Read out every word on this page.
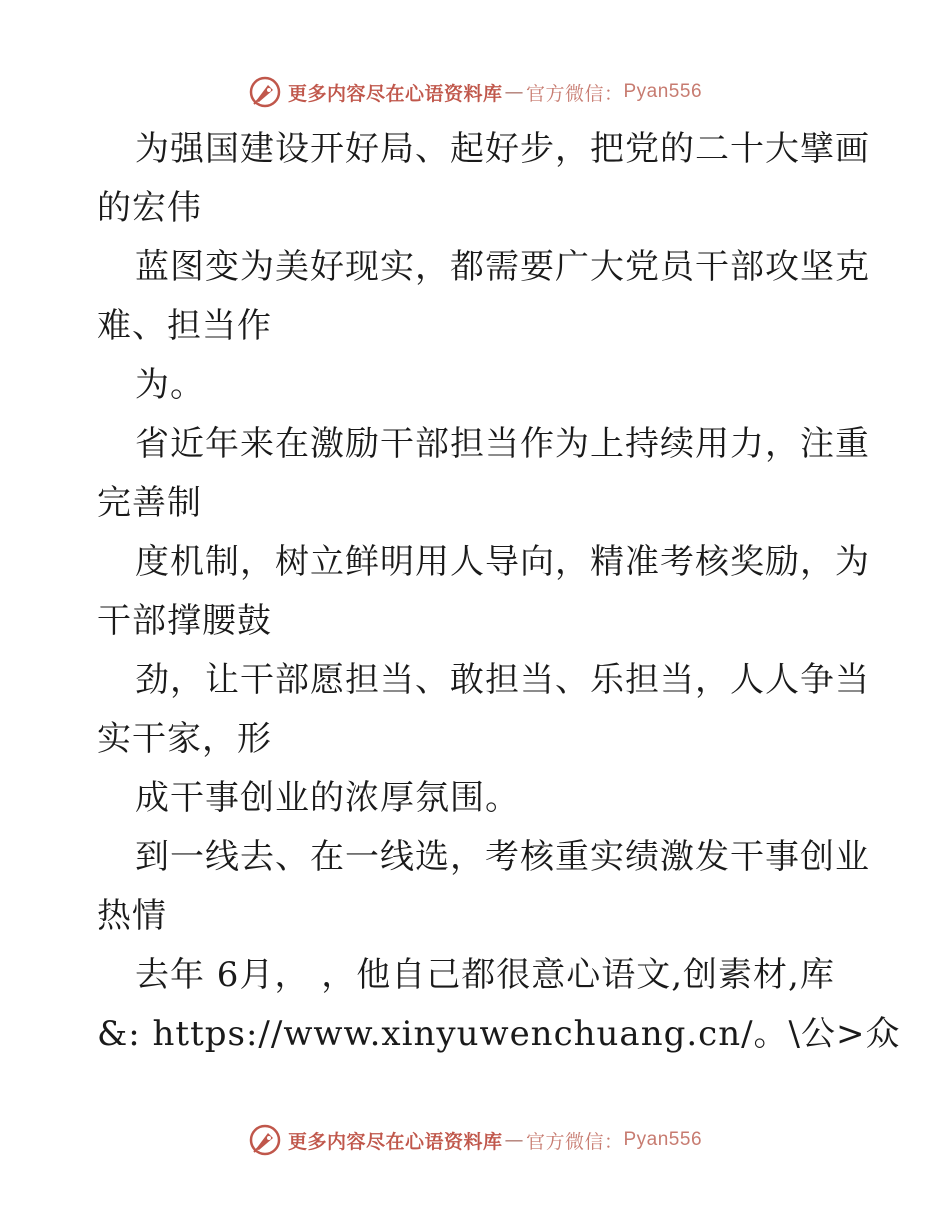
更多内容尽在心语资料库 — 官方微信： Pyan556
为强国建设开好局、起好步，把党的二十大擘画
的宏伟
蓝图变为美好现实，都需要广大党员干部攻坚克
难、担当作
为。
省近年来在激励干部担当作为上持续用力，注重
完善制
度机制，树立鲜明用人导向，精准考核奖励，为
干部撑腰鼓
劲，让干部愿担当、敢担当、乐担当，人人争当
实干家，形
成干事创业的浓厚氛围。
到一线去、在一线选，考核重实绩激发干事创业
热情
去年 6月， ，他自己都很意心语文,创素材,库
&: https://www.xinyuwenchuang.cn/。\公>众
更多内容尽在心语资料库 — 官方微信： Pyan556
